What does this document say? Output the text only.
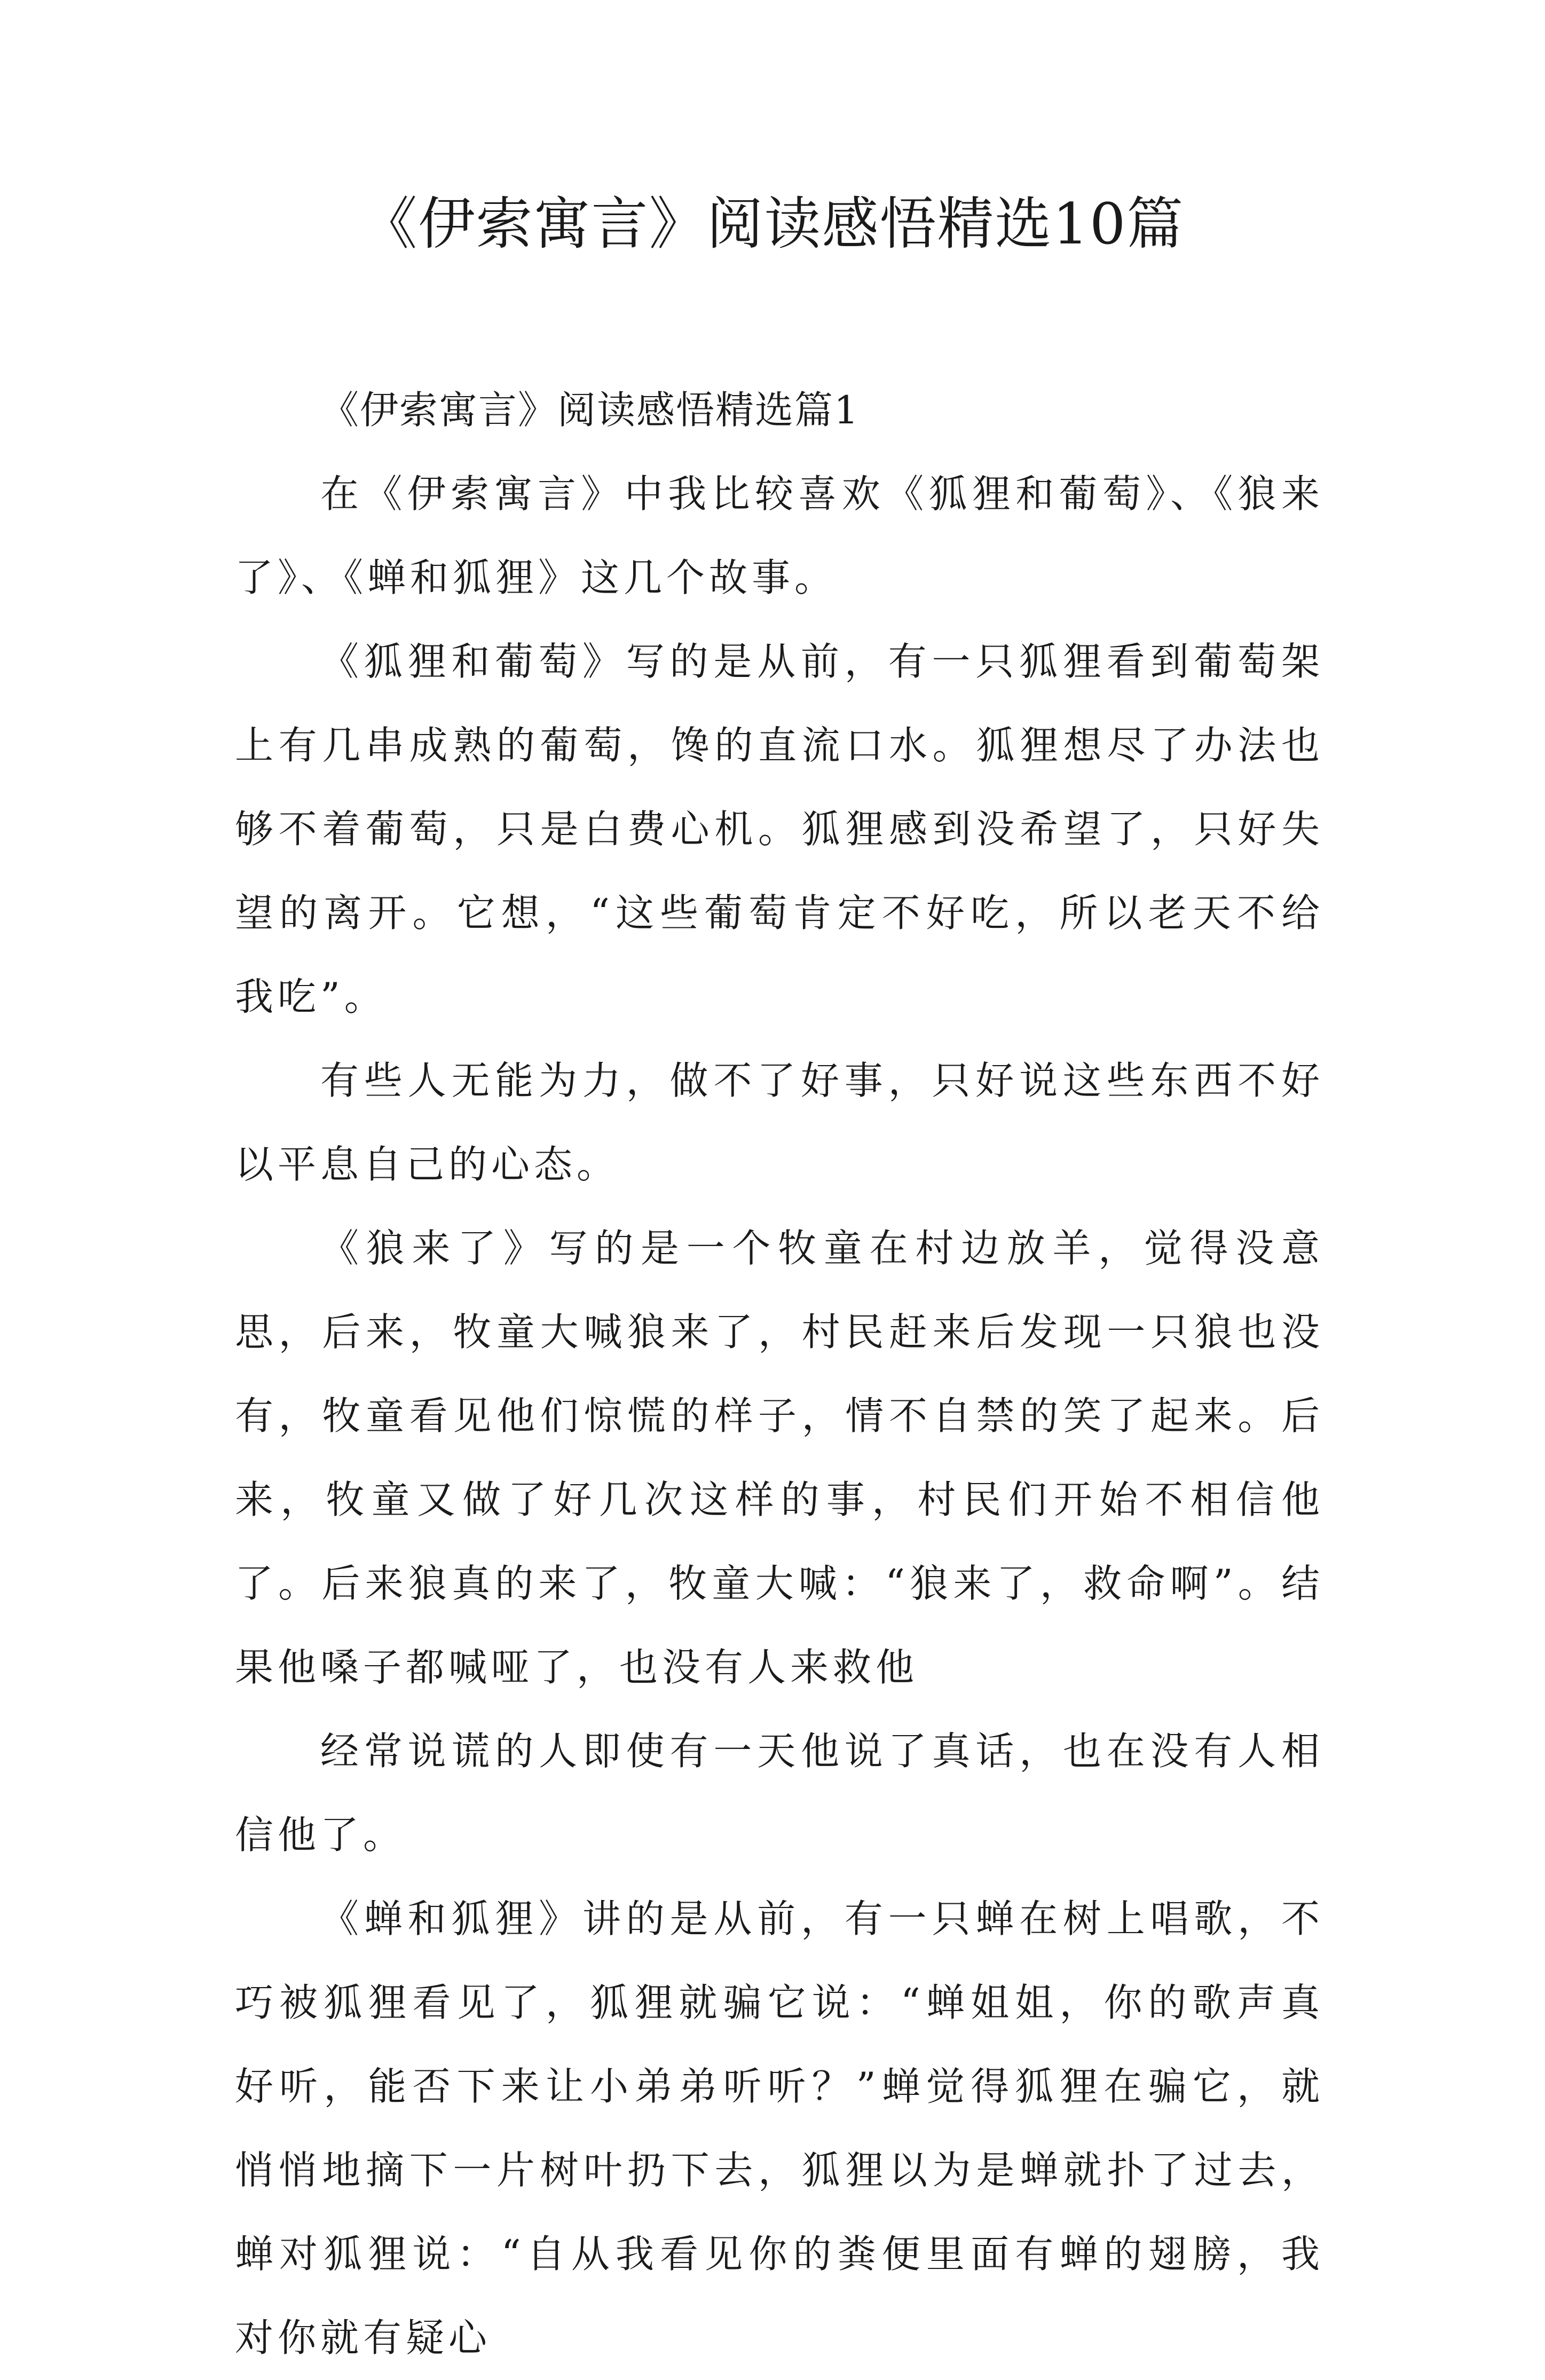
《伊索寓言》阅读感悟精选10篇

《伊索寓言》阅读感悟精选篇1

在《伊索寓言》中我比较喜欢《狐狸和葡萄》、《狼来了》、《蝉和狐狸》这几个故事。

《狐狸和葡萄》写的是从前，有一只狐狸看到葡萄架上有几串成熟的葡萄，馋的直流口水。狐狸想尽了办法也够不着葡萄，只是白费心机。狐狸感到没希望了，只好失望的离开。它想，“这些葡萄肯定不好吃，所以老天不给我吃”。

有些人无能为力，做不了好事，只好说这些东西不好以平息自己的心态。

《狼来了》写的是一个牧童在村边放羊，觉得没意思，后来，牧童大喊狼来了，村民赶来后发现一只狼也没有，牧童看见他们惊慌的样子，情不自禁的笑了起来。后来，牧童又做了好几次这样的事，村民们开始不相信他了。后来狼真的来了，牧童大喊：“狼来了，救命啊”。结果他嗓子都喊哑了，也没有人来救他

经常说谎的人即使有一天他说了真话，也在没有人相信他了。

《蝉和狐狸》讲的是从前，有一只蝉在树上唱歌，不巧被狐狸看见了，狐狸就骗它说：“蝉姐姐，你的歌声真好听，能否下来让小弟弟听听？”蝉觉得狐狸在骗它，就悄悄地摘下一片树叶扔下去，狐狸以为是蝉就扑了过去，蝉对狐狸说：“自从我看见你的粪便里面有蝉的翅膀，我对你就有疑心
